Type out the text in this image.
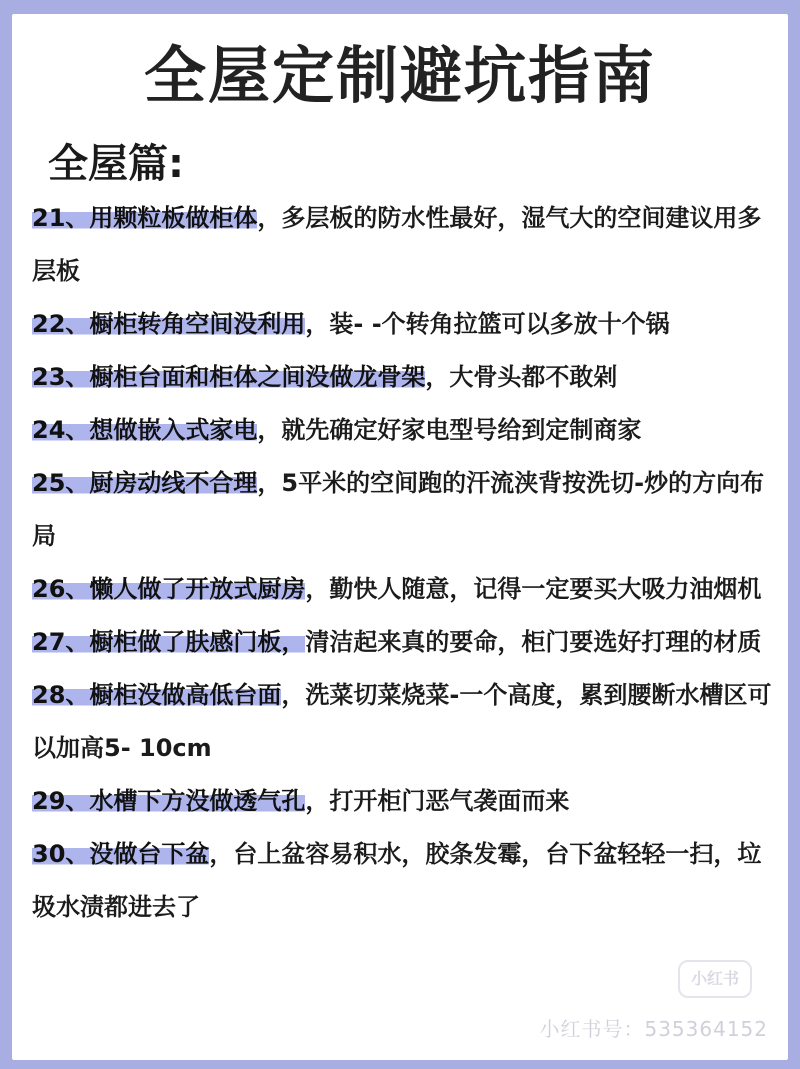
全屋定制避坑指南
全屋篇:
21、用颗粒板做柜体，多层板的防水性最好，湿气大的空间建议用多层板
22、橱柜转角空间没利用，装- -个转角拉篮可以多放十个锅
23、橱柜台面和柜体之间没做龙骨架，大骨头都不敢剁
24、想做嵌入式家电，就先确定好家电型号给到定制商家
25、厨房动线不合理，5平米的空间跑的汗流浃背按洗切-炒的方向布局
26、懒人做了开放式厨房，勤快人随意，记得一定要买大吸力油烟机
27、橱柜做了肤感门板，清洁起来真的要命，柜门要选好打理的材质
28、橱柜没做高低台面，洗菜切菜烧菜-一个高度，累到腰断水槽区可以加高5- 10cm
29、水槽下方没做透气孔，打开柜门恶气袭面而来
30、没做台下盆，台上盆容易积水，胶条发霉，台下盆轻轻一扫，垃圾水渍都进去了
小红书
小红书号：535364152
